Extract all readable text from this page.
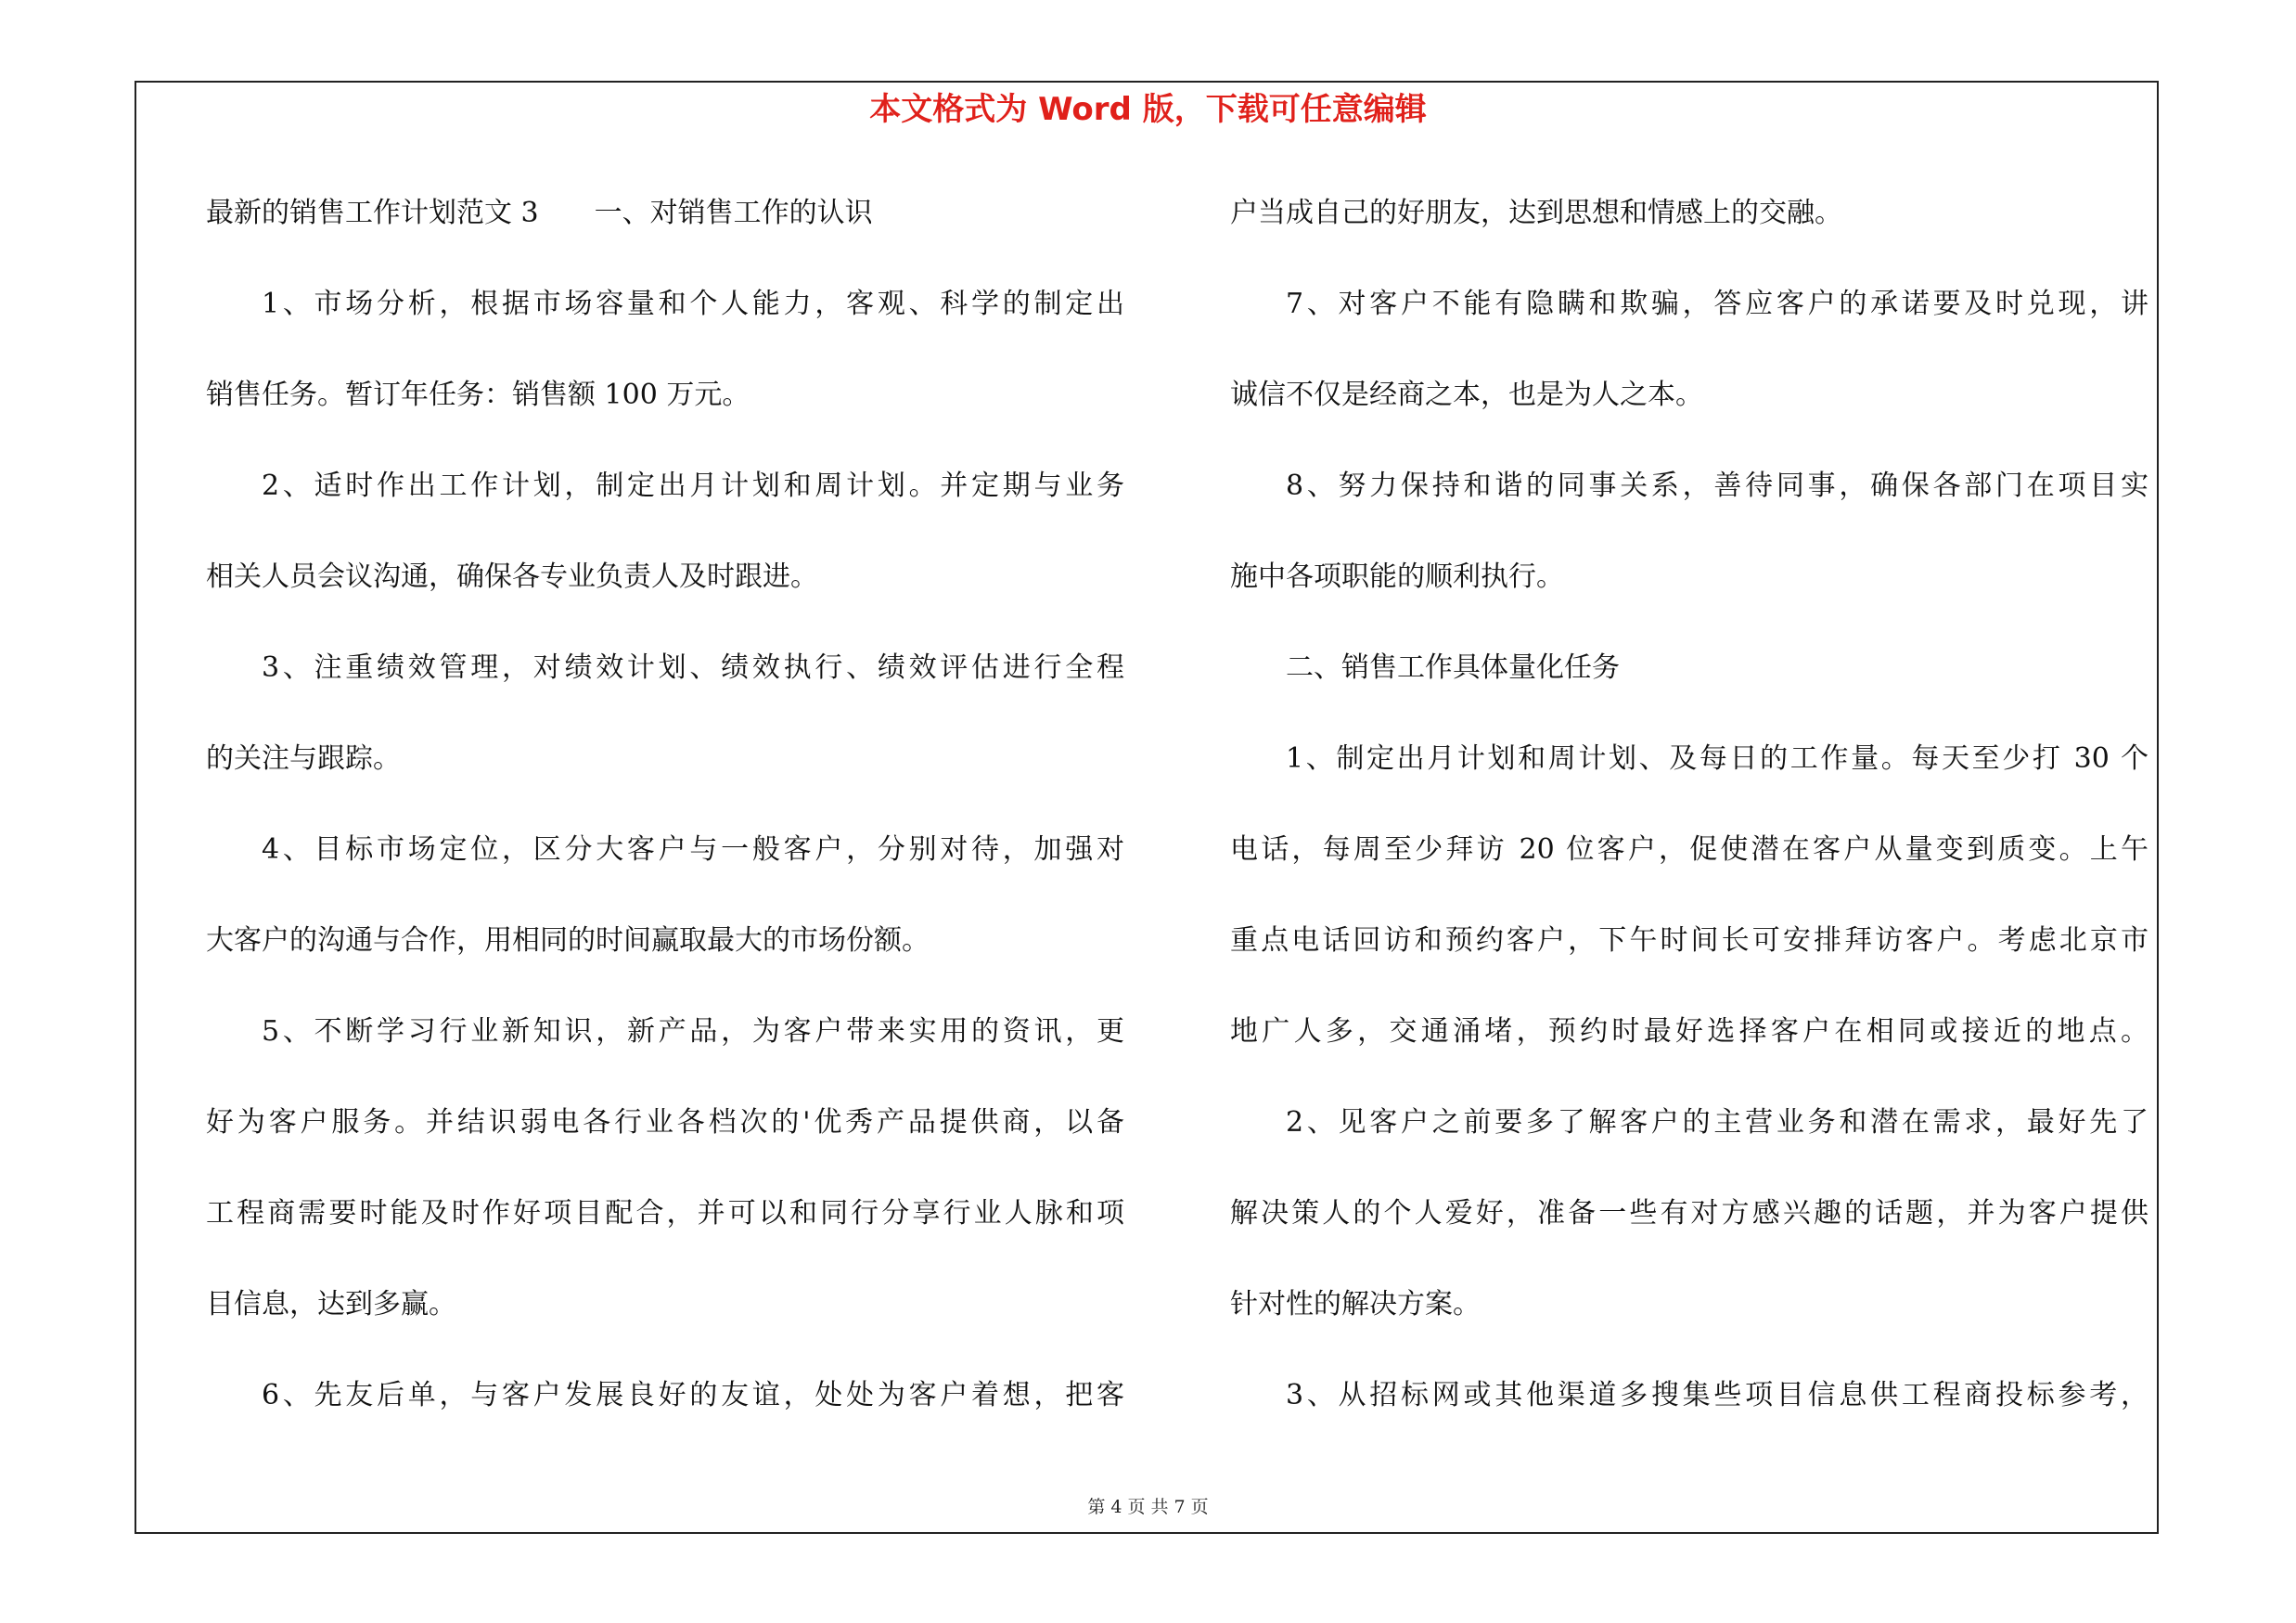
本文格式为 Word 版，下载可任意编辑
最新的销售工作计划范文 3　　一、对销售工作的认识
1、市场分析，根据市场容量和个人能力，客观、科学的制定出
销售任务。暂订年任务：销售额 100 万元。
2、适时作出工作计划，制定出月计划和周计划。并定期与业务
相关人员会议沟通，确保各专业负责人及时跟进。
3、注重绩效管理，对绩效计划、绩效执行、绩效评估进行全程
的关注与跟踪。
4、目标市场定位，区分大客户与一般客户，分别对待，加强对
大客户的沟通与合作，用相同的时间赢取最大的市场份额。
5、不断学习行业新知识，新产品，为客户带来实用的资讯，更
好为客户服务。并结识弱电各行业各档次的'优秀产品提供商，以备
工程商需要时能及时作好项目配合，并可以和同行分享行业人脉和项
目信息，达到多赢。
6、先友后单，与客户发展良好的友谊，处处为客户着想，把客
户当成自己的好朋友，达到思想和情感上的交融。
7、对客户不能有隐瞒和欺骗，答应客户的承诺要及时兑现，讲
诚信不仅是经商之本，也是为人之本。
8、努力保持和谐的同事关系，善待同事，确保各部门在项目实
施中各项职能的顺利执行。
二、销售工作具体量化任务
1、制定出月计划和周计划、及每日的工作量。每天至少打 30 个
电话，每周至少拜访 20 位客户，促使潜在客户从量变到质变。上午
重点电话回访和预约客户，下午时间长可安排拜访客户。考虑北京市
地广人多，交通涌堵，预约时最好选择客户在相同或接近的地点。
2、见客户之前要多了解客户的主营业务和潜在需求，最好先了
解决策人的个人爱好，准备一些有对方感兴趣的话题，并为客户提供
针对性的解决方案。
3、从招标网或其他渠道多搜集些项目信息供工程商投标参考，
第 4 页 共 7 页
